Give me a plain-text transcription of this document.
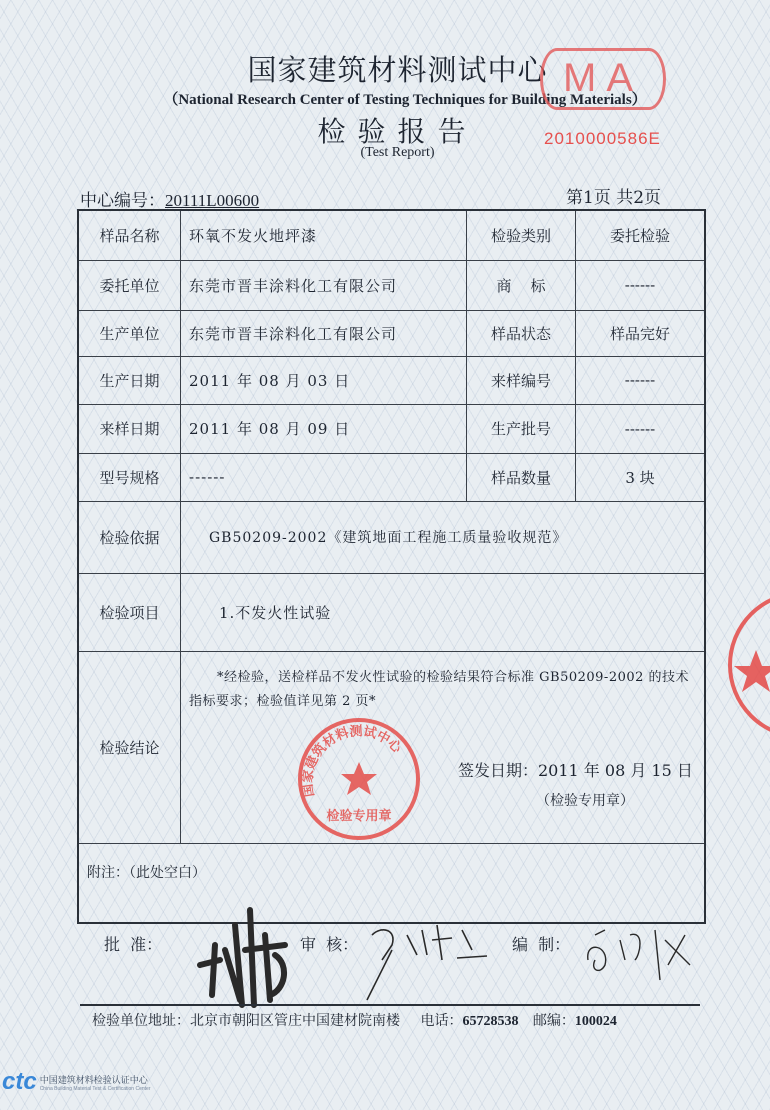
国家建筑材料测试中心
（National Research Center of Testing Techniques for Building Materials）
检验报告
(Test Report)
MA
2010000586E
中心编号：20111L00600	第1页 共2页
样品名称	环氧不发火地坪漆	检验类别	委托检验
委托单位	东莞市晋丰涂料化工有限公司	商    标	------
生产单位	东莞市晋丰涂料化工有限公司	样品状态	样品完好
生产日期	2011 年 08 月 03 日	来样编号	------
来样日期	2011 年 08 月 09 日	生产批号	------
型号规格	------	样品数量	3 块
检验依据	GB50209-2002《建筑地面工程施工质量验收规范》		
检验项目	1.不发火性试验		
检验结论	*经检验，送检样品不发火性试验的检验结果符合标准 GB50209-2002 的技术指标要求；检验值详见第 2 页*
国家建筑材料测试中心
检验专用章
签发日期：2011 年 08 月 15 日
（检验专用章）		

附注：（此处空白）			
批  准：	审  核：	编  制：
检验单位地址：北京市朝阳区管庄中国建材院南楼 电话：65728538 邮编：100024
ctc 中国建筑材料检验认证中心
China Building Material Test & Certification Center
